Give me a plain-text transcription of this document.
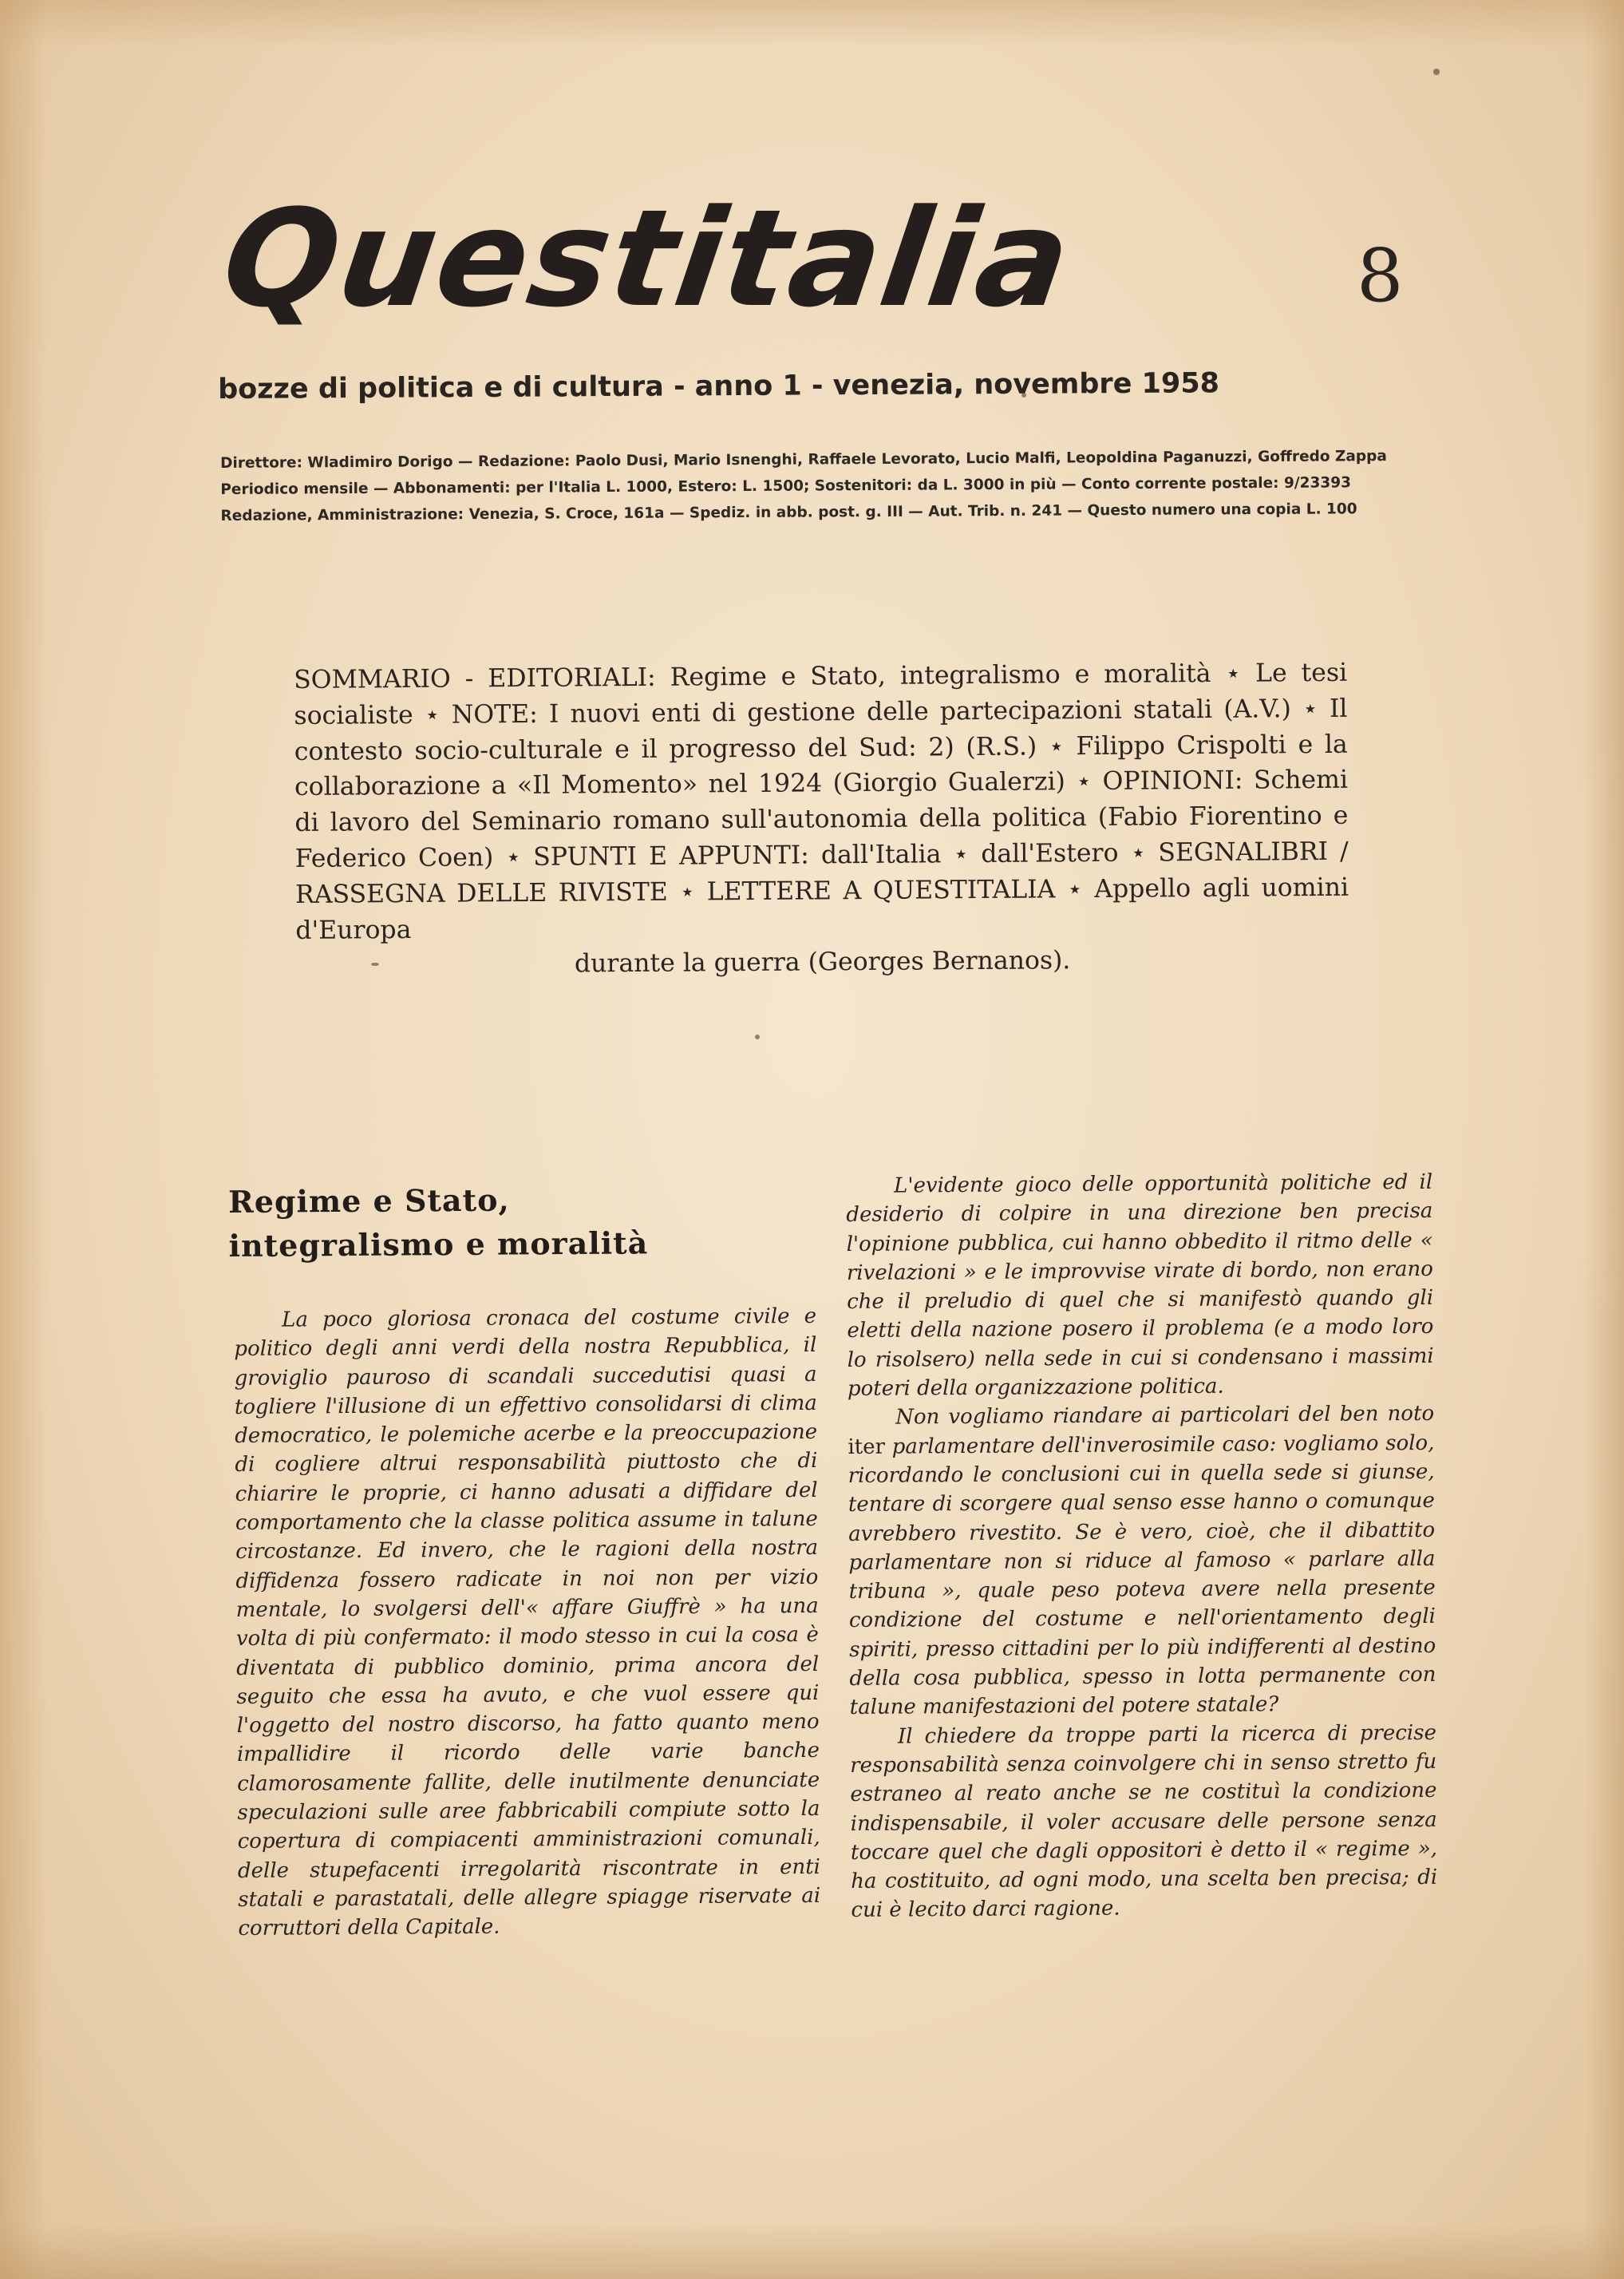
Questitalia	8
bozze di politica e di cultura - anno 1 - venezia, novembre 1958
Direttore: Wladimiro Dorigo — Redazione: Paolo Dusi, Mario Isnenghi, Raffaele Levorato, Lucio Malfi, Leopoldina Paganuzzi, Goffredo Zappa
Periodico mensile — Abbonamenti: per l'Italia L. 1000, Estero: L. 1500; Sostenitori: da L. 3000 in più — Conto corrente postale: 9/23393
Redazione, Amministrazione: Venezia, S. Croce, 161a — Spediz. in abb. post. g. III — Aut. Trib. n. 241 — Questo numero una copia L. 100
SOMMARIO - EDITORIALI: Regime e Stato, integralismo e moralità ⋆ Le tesi socialiste ⋆ NOTE: I nuovi enti di gestione delle partecipazioni statali (A.V.) ⋆ Il contesto socio-culturale e il progresso del Sud: 2) (R.S.) ⋆ Filippo Crispolti e la collaborazione a «Il Momento» nel 1924 (Giorgio Gualerzi) ⋆ OPINIONI: Schemi di lavoro del Seminario romano sull'autonomia della politica (Fabio Fiorentino e Federico Coen) ⋆ SPUNTI E APPUNTI: dall'Italia ⋆ dall'Estero ⋆ SEGNALIBRI / RASSEGNA DELLE RIVISTE ⋆ LETTERE A QUESTITALIA ⋆ Appello agli uomini d'Europa
durante la guerra (Georges Bernanos).
Regime e Stato,
integralismo e moralità

La poco gloriosa cronaca del costume civile e politico degli anni verdi della nostra Repubblica, il groviglio pauroso di scandali succedutisi quasi a togliere l'illusione di un effettivo consolidarsi di clima democratico, le polemiche acerbe e la preoccupazione di cogliere altrui responsabilità piuttosto che di chiarire le proprie, ci hanno adusati a diffidare del comportamento che la classe politica assume in talune circostanze. Ed invero, che le ragioni della nostra diffidenza fossero radicate in noi non per vizio mentale, lo svolgersi dell'« affare Giuffrè » ha una volta di più confermato: il modo stesso in cui la cosa è diventata di pubblico dominio, prima ancora del seguito che essa ha avuto, e che vuol essere qui l'oggetto del nostro discorso, ha fatto quanto meno impallidire il ricordo delle varie banche clamorosamente fallite, delle inutilmente denunciate speculazioni sulle aree fabbricabili compiute sotto la copertura di compiacenti amministrazioni comunali, delle stupefacenti irregolarità riscontrate in enti statali e parastatali, delle allegre spiagge riservate ai corruttori della Capitale.

L'evidente gioco delle opportunità politiche ed il desiderio di colpire in una direzione ben precisa l'opinione pubblica, cui hanno obbedito il ritmo delle « rivelazioni » e le improvvise virate di bordo, non erano che il preludio di quel che si manifestò quando gli eletti della nazione posero il problema (e a modo loro lo risolsero) nella sede in cui si condensano i massimi poteri della organizzazione politica.

Non vogliamo riandare ai particolari del ben noto iter parlamentare dell'inverosimile caso: vogliamo solo, ricordando le conclusioni cui in quella sede si giunse, tentare di scorgere qual senso esse hanno o comunque avrebbero rivestito. Se è vero, cioè, che il dibattito parlamentare non si riduce al famoso « parlare alla tribuna », quale peso poteva avere nella presente condizione del costume e nell'orientamento degli spiriti, presso cittadini per lo più indifferenti al destino della cosa pubblica, spesso in lotta permanente con talune manifestazioni del potere statale?

Il chiedere da troppe parti la ricerca di precise responsabilità senza coinvolgere chi in senso stretto fu estraneo al reato anche se ne costituì la condizione indispensabile, il voler accusare delle persone senza toccare quel che dagli oppositori è detto il « regime », ha costituito, ad ogni modo, una scelta ben precisa; di cui è lecito darci ragione.
